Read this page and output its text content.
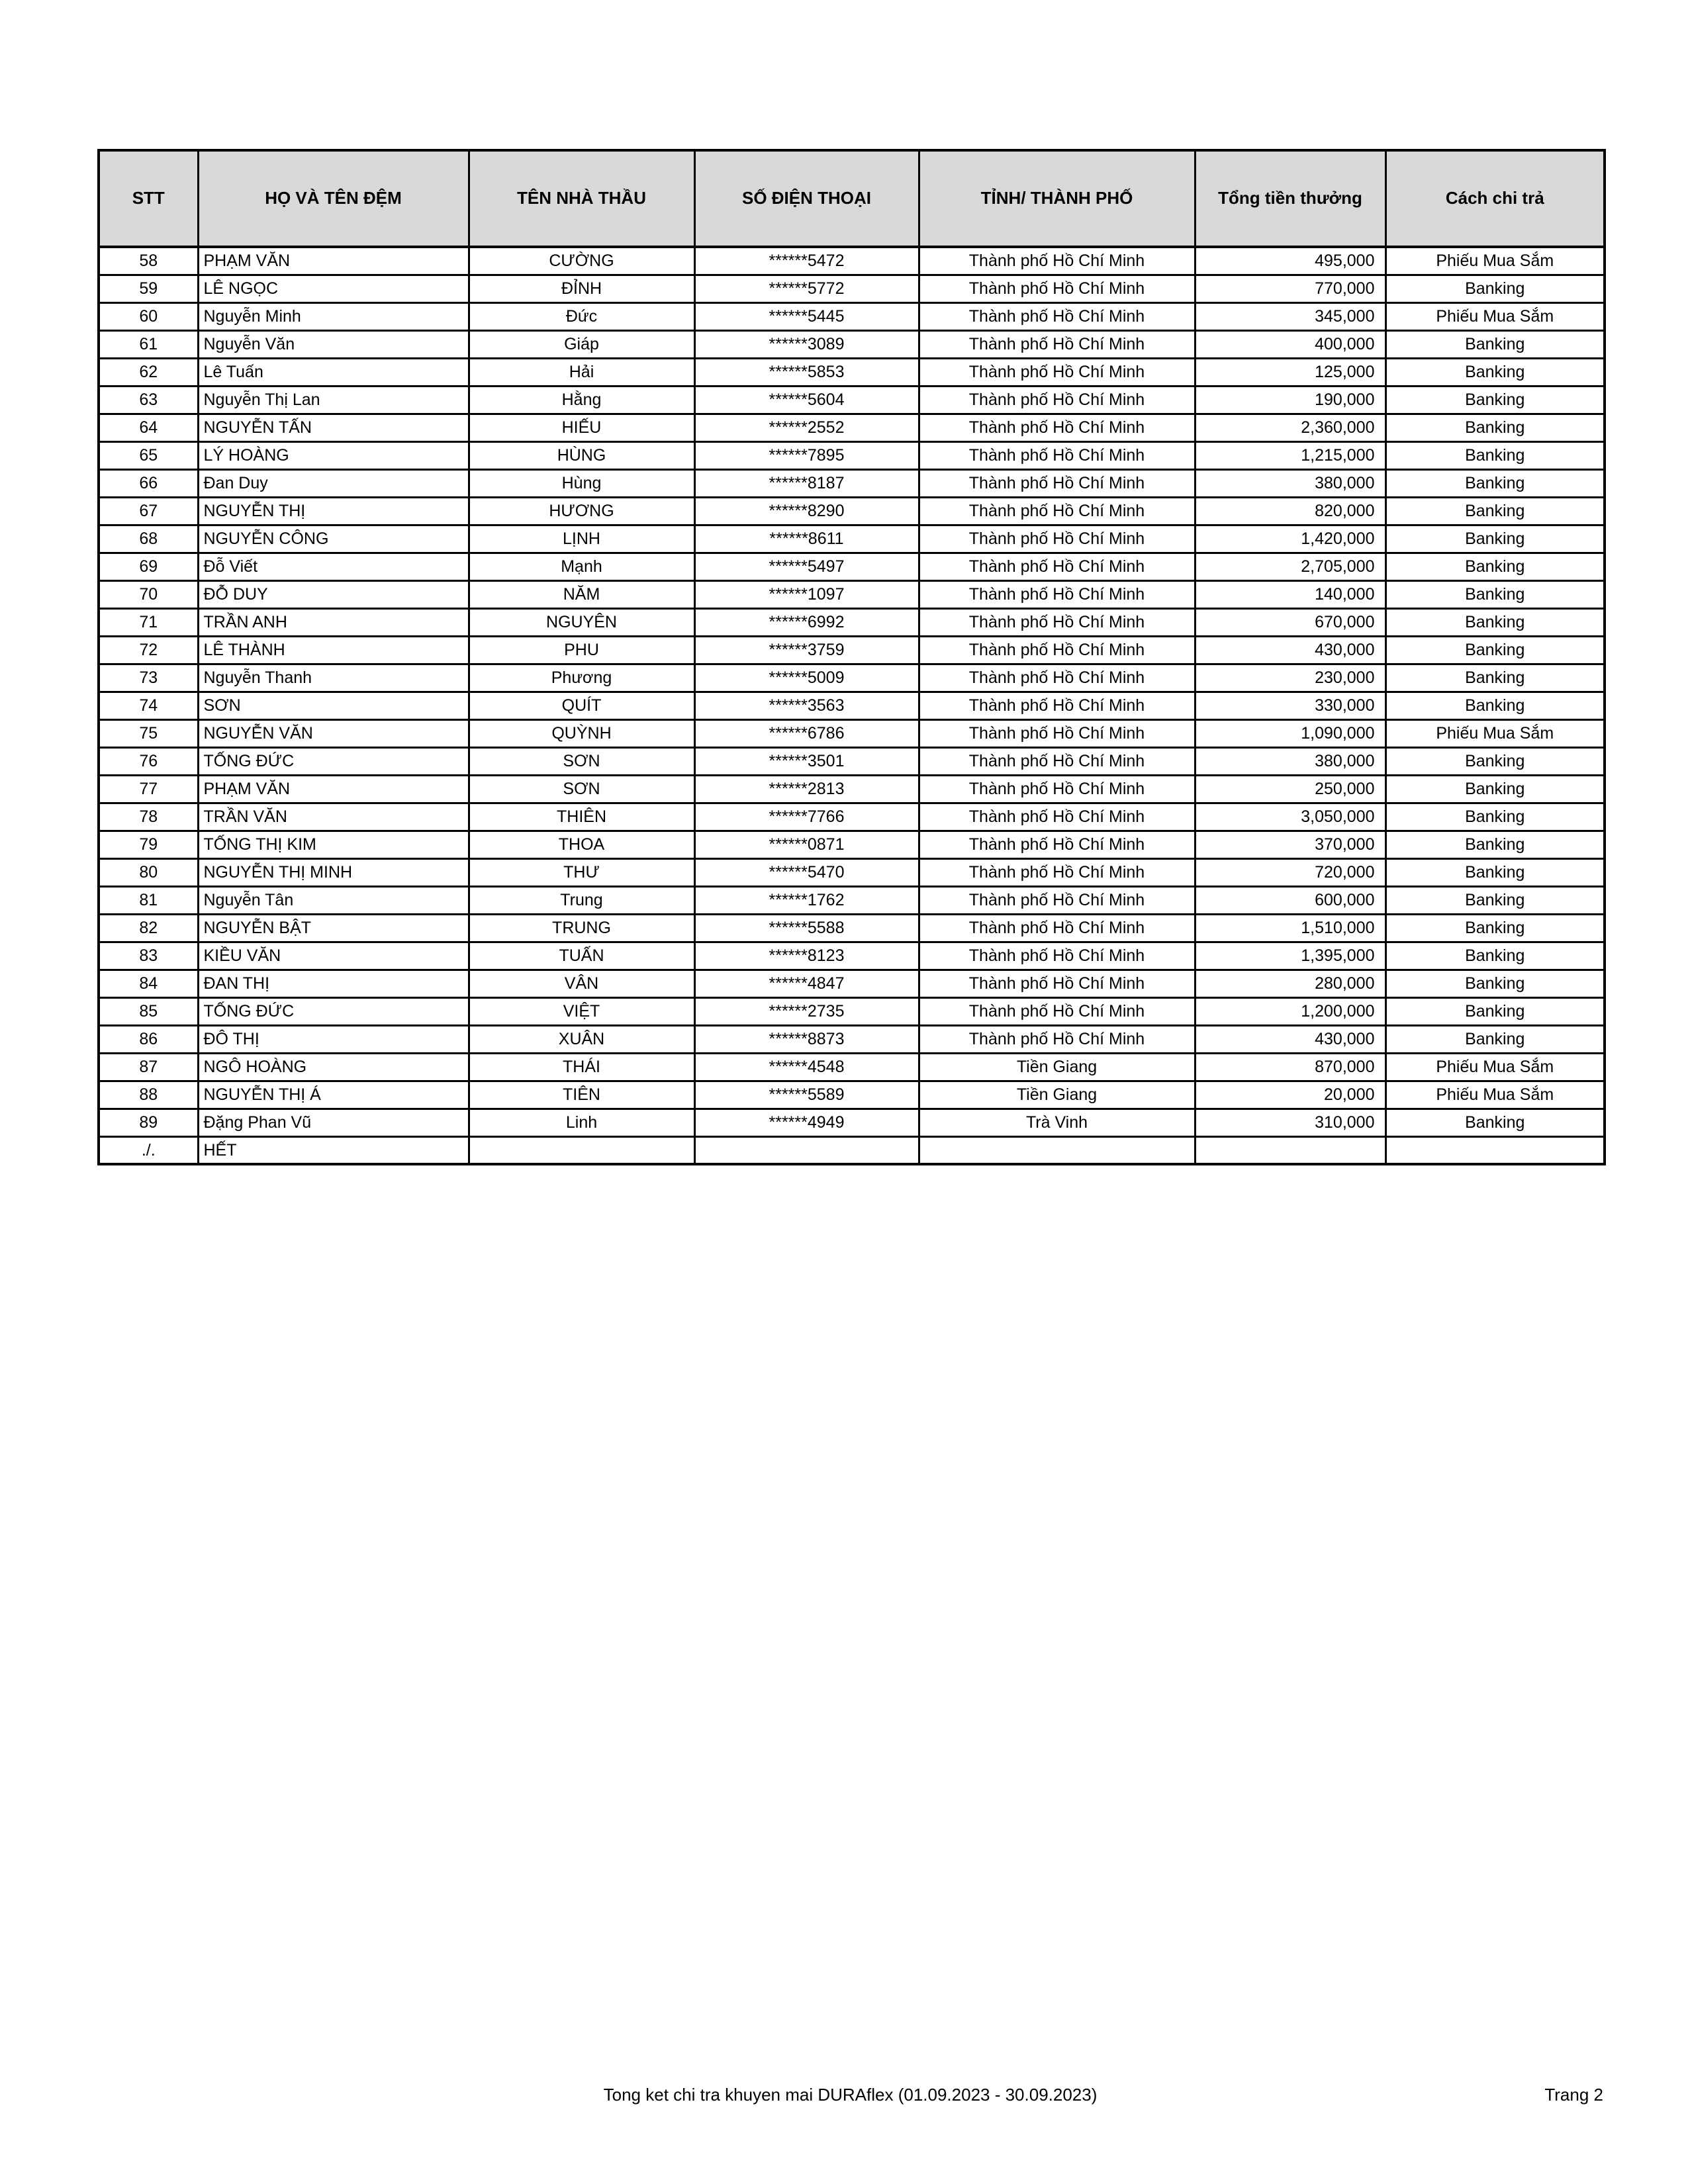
STT	HỌ VÀ TÊN ĐỆM	TÊN NHÀ THẦU	SỐ ĐIỆN THOẠI	TỈNH/ THÀNH PHỐ	Tổng tiền thưởng	Cách chi trả
58	PHẠM VĂN	CƯỜNG	******5472	Thành phố Hồ Chí Minh	495,000	Phiếu Mua Sắm
59	LÊ NGỌC	ĐỈNH	******5772	Thành phố Hồ Chí Minh	770,000	Banking
60	Nguyễn Minh	Đức	******5445	Thành phố Hồ Chí Minh	345,000	Phiếu Mua Sắm
61	Nguyễn Văn	Giáp	******3089	Thành phố Hồ Chí Minh	400,000	Banking
62	Lê Tuấn	Hải	******5853	Thành phố Hồ Chí Minh	125,000	Banking
63	Nguyễn Thị Lan	Hằng	******5604	Thành phố Hồ Chí Minh	190,000	Banking
64	NGUYỄN TẤN	HIẾU	******2552	Thành phố Hồ Chí Minh	2,360,000	Banking
65	LÝ HOÀNG	HÙNG	******7895	Thành phố Hồ Chí Minh	1,215,000	Banking
66	Đan Duy	Hùng	******8187	Thành phố Hồ Chí Minh	380,000	Banking
67	NGUYỄN THỊ	HƯƠNG	******8290	Thành phố Hồ Chí Minh	820,000	Banking
68	NGUYỄN CÔNG	LỊNH	******8611	Thành phố Hồ Chí Minh	1,420,000	Banking
69	Đỗ Viết	Mạnh	******5497	Thành phố Hồ Chí Minh	2,705,000	Banking
70	ĐỖ DUY	NĂM	******1097	Thành phố Hồ Chí Minh	140,000	Banking
71	TRẦN ANH	NGUYÊN	******6992	Thành phố Hồ Chí Minh	670,000	Banking
72	LÊ THÀNH	PHU	******3759	Thành phố Hồ Chí Minh	430,000	Banking
73	Nguyễn Thanh	Phương	******5009	Thành phố Hồ Chí Minh	230,000	Banking
74	SƠN	QUÍT	******3563	Thành phố Hồ Chí Minh	330,000	Banking
75	NGUYỄN VĂN	QUỲNH	******6786	Thành phố Hồ Chí Minh	1,090,000	Phiếu Mua Sắm
76	TỐNG ĐỨC	SƠN	******3501	Thành phố Hồ Chí Minh	380,000	Banking
77	PHẠM VĂN	SƠN	******2813	Thành phố Hồ Chí Minh	250,000	Banking
78	TRẦN VĂN	THIÊN	******7766	Thành phố Hồ Chí Minh	3,050,000	Banking
79	TỐNG THỊ KIM	THOA	******0871	Thành phố Hồ Chí Minh	370,000	Banking
80	NGUYỄN THỊ MINH	THƯ	******5470	Thành phố Hồ Chí Minh	720,000	Banking
81	Nguyễn Tân	Trung	******1762	Thành phố Hồ Chí Minh	600,000	Banking
82	NGUYỄN BẬT	TRUNG	******5588	Thành phố Hồ Chí Minh	1,510,000	Banking
83	KIỀU VĂN	TUẤN	******8123	Thành phố Hồ Chí Minh	1,395,000	Banking
84	ĐAN THỊ	VÂN	******4847	Thành phố Hồ Chí Minh	280,000	Banking
85	TỐNG ĐỨC	VIỆT	******2735	Thành phố Hồ Chí Minh	1,200,000	Banking
86	ĐÔ THỊ	XUÂN	******8873	Thành phố Hồ Chí Minh	430,000	Banking
87	NGÔ HOÀNG	THÁI	******4548	Tiền Giang	870,000	Phiếu Mua Sắm
88	NGUYỄN THỊ Á	TIÊN	******5589	Tiền Giang	20,000	Phiếu Mua Sắm
89	Đặng Phan Vũ	Linh	******4949	Trà Vinh	310,000	Banking
./.	HẾT					
Tong ket chi tra khuyen mai DURAflex (01.09.2023 - 30.09.2023)	Trang 2
